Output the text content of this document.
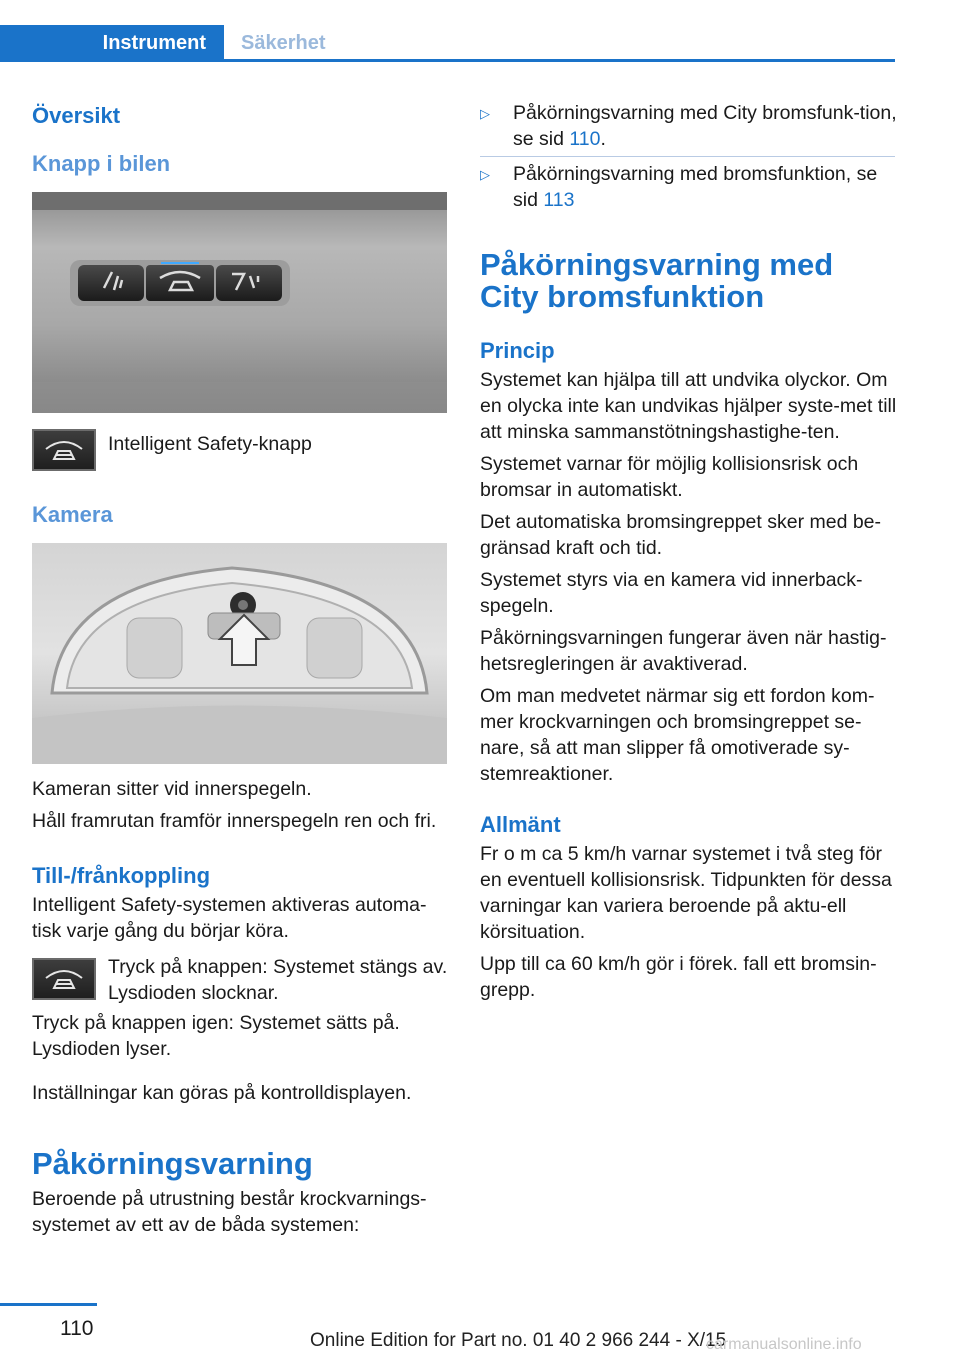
Instrument	Säkerhet
Översikt
Knapp i bilen
Intelligent Safety-knapp
Kamera

Kameran sitter vid innerspegeln.

Håll framrutan framför innerspegeln ren och fri.

Till-/frånkoppling

Intelligent Safety-systemen aktiveras automa-tisk varje gång du börjar köra.

Tryck på knappen: Systemet stängs av. Lysdioden slocknar.

Tryck på knappen igen: Systemet sätts på. Lysdioden lyser.

Inställningar kan göras på kontrolldisplayen.

Påkörningsvarning

Beroende på utrustning består krockvarnings-systemet av ett av de båda systemen:

▷	Påkörningsvarning med City bromsfunk-tion, se sid 110.
▷	Påkörningsvarning med bromsfunktion, se sid 113
Påkörningsvarning med City bromsfunktion
Princip

Systemet kan hjälpa till att undvika olyckor. Om en olycka inte kan undvikas hjälper syste-met till att minska sammanstötningshastighe-ten.

Systemet varnar för möjlig kollisionsrisk och bromsar in automatiskt.

Det automatiska bromsingreppet sker med be-gränsad kraft och tid.

Systemet styrs via en kamera vid innerback-spegeln.

Påkörningsvarningen fungerar även när hastig-hetsregleringen är avaktiverad.

Om man medvetet närmar sig ett fordon kom-mer krockvarningen och bromsingreppet se-nare, så att man slipper få omotiverade sy-stemreaktioner.

Allmänt

Fr o m ca 5 km/h varnar systemet i två steg för en eventuell kollisionsrisk. Tidpunkten för dessa varningar kan variera beroende på aktu-ell körsituation.

Upp till ca 60 km/h gör i förek. fall ett bromsin-grepp.

110
Online Edition for Part no. 01 40 2 966 244 - X/15
carmanualsonline.info
